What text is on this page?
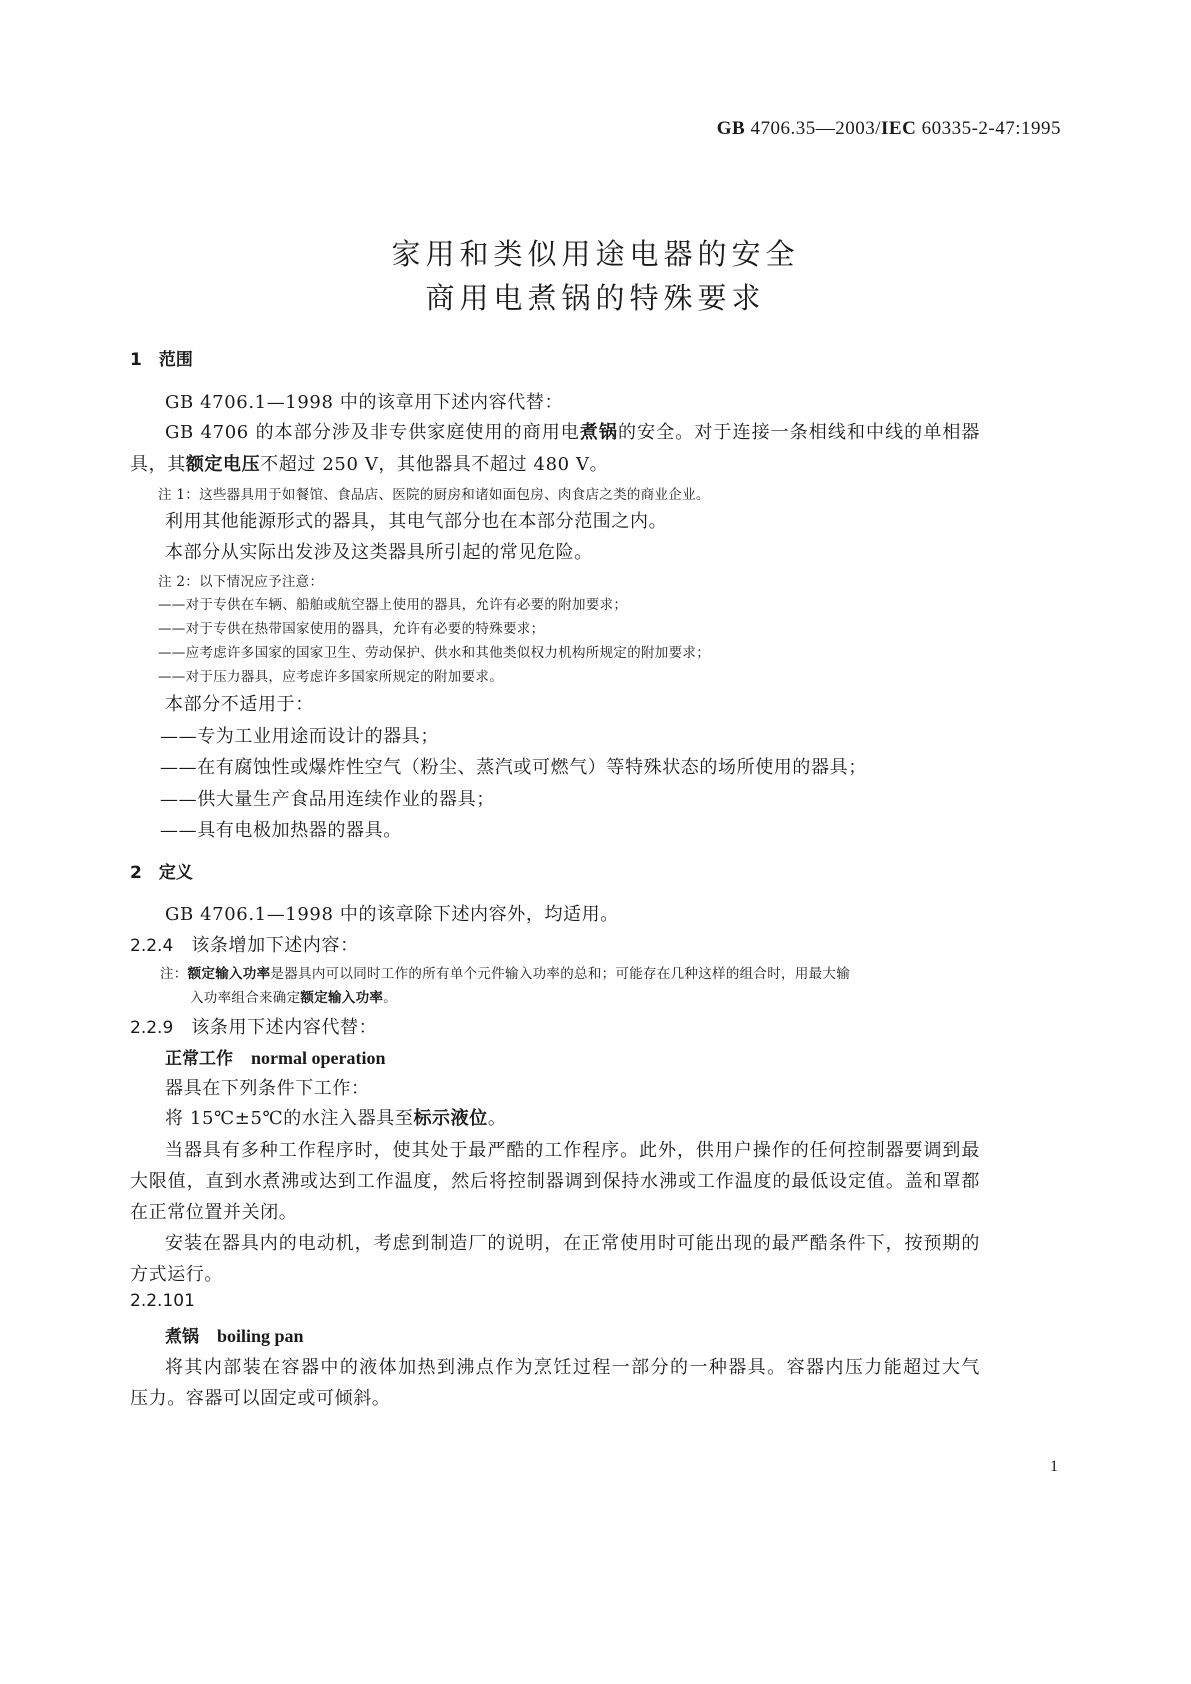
GB 4706.35—2003/IEC 60335-2-47:1995
家用和类似用途电器的安全
商用电煮锅的特殊要求
1　范围
GB 4706.1—1998 中的该章用下述内容代替：
GB 4706 的本部分涉及非专供家庭使用的商用电煮锅的安全。对于连接一条相线和中线的单相器
具，其额定电压不超过 250 V，其他器具不超过 480 V。
注 1：这些器具用于如餐馆、食品店、医院的厨房和诸如面包房、肉食店之类的商业企业。
利用其他能源形式的器具，其电气部分也在本部分范围之内。
本部分从实际出发涉及这类器具所引起的常见危险。
注 2：以下情况应予注意：
——对于专供在车辆、船舶或航空器上使用的器具，允许有必要的附加要求；
——对于专供在热带国家使用的器具，允许有必要的特殊要求；
——应考虑许多国家的国家卫生、劳动保护、供水和其他类似权力机构所规定的附加要求；
——对于压力器具，应考虑许多国家所规定的附加要求。
本部分不适用于：
——专为工业用途而设计的器具；
——在有腐蚀性或爆炸性空气（粉尘、蒸汽或可燃气）等特殊状态的场所使用的器具；
——供大量生产食品用连续作业的器具；
——具有电极加热器的器具。
2　定义
GB 4706.1—1998 中的该章除下述内容外，均适用。
2.2.4 该条增加下述内容：
注：额定输入功率是器具内可以同时工作的所有单个元件输入功率的总和；可能存在几种这样的组合时，用最大输
入功率组合来确定额定输入功率。
2.2.9 该条用下述内容代替：
正常工作 normal operation
器具在下列条件下工作：
将 15℃±5℃的水注入器具至标示液位。
当器具有多种工作程序时，使其处于最严酷的工作程序。此外，供用户操作的任何控制器要调到最
大限值，直到水煮沸或达到工作温度，然后将控制器调到保持水沸或工作温度的最低设定值。盖和罩都
在正常位置并关闭。
安装在器具内的电动机，考虑到制造厂的说明，在正常使用时可能出现的最严酷条件下，按预期的
方式运行。
2.2.101
煮锅 boiling pan
将其内部装在容器中的液体加热到沸点作为烹饪过程一部分的一种器具。容器内压力能超过大气
压力。容器可以固定或可倾斜。
1
